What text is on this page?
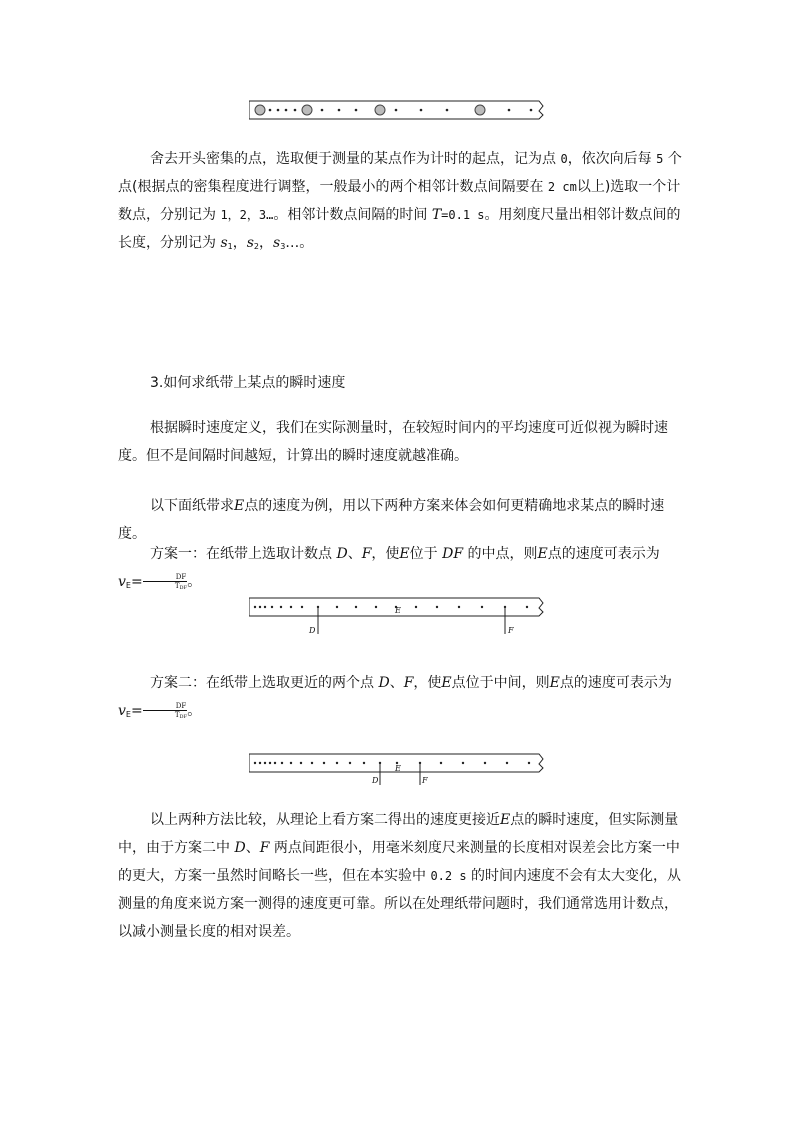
舍去开头密集的点，选取便于测量的某点作为计时的起点，记为点 0，依次向后每 5 个点(根据点的密集程度进行调整，一般最小的两个相邻计数点间隔要在 2 cm以上)选取一个计数点，分别记为 1，2，3…。相邻计数点间隔的时间 T=0.1 s。用刻度尺量出相邻计数点间的长度，分别记为 $s_1$，$s_2$，$s_3\dots$。
3.如何求纸带上某点的瞬时速度
根据瞬时速度定义，我们在实际测量时，在较短时间内的平均速度可近似视为瞬时速度。但不是间隔时间越短，计算出的瞬时速度就越准确。
以下面纸带求E点的速度为例，用以下两种方案来体会如何更精确地求某点的瞬时速度。
方案一：在纸带上选取计数点 D、F，使E位于 DF 的中点，则E点的速度可表示为 $v_E= \frac{DF}{T_{DF}}$ 。
D
E
F
方案二：在纸带上选取更近的两个点 D、F，使E点位于中间，则E点的速度可表示为 $v_E= \frac{DF}{T_{DF}}$ 。
D
E
F
以上两种方法比较，从理论上看方案二得出的速度更接近E点的瞬时速度，但实际测量中，由于方案二中 D、F 两点间距很小，用毫米刻度尺来测量的长度相对误差会比方案一中的更大，方案一虽然时间略长一些，但在本实验中 0.2 s 的时间内速度不会有太大变化，从测量的角度来说方案一测得的速度更可靠。所以在处理纸带问题时，我们通常选用计数点，以减小测量长度的相对误差。
